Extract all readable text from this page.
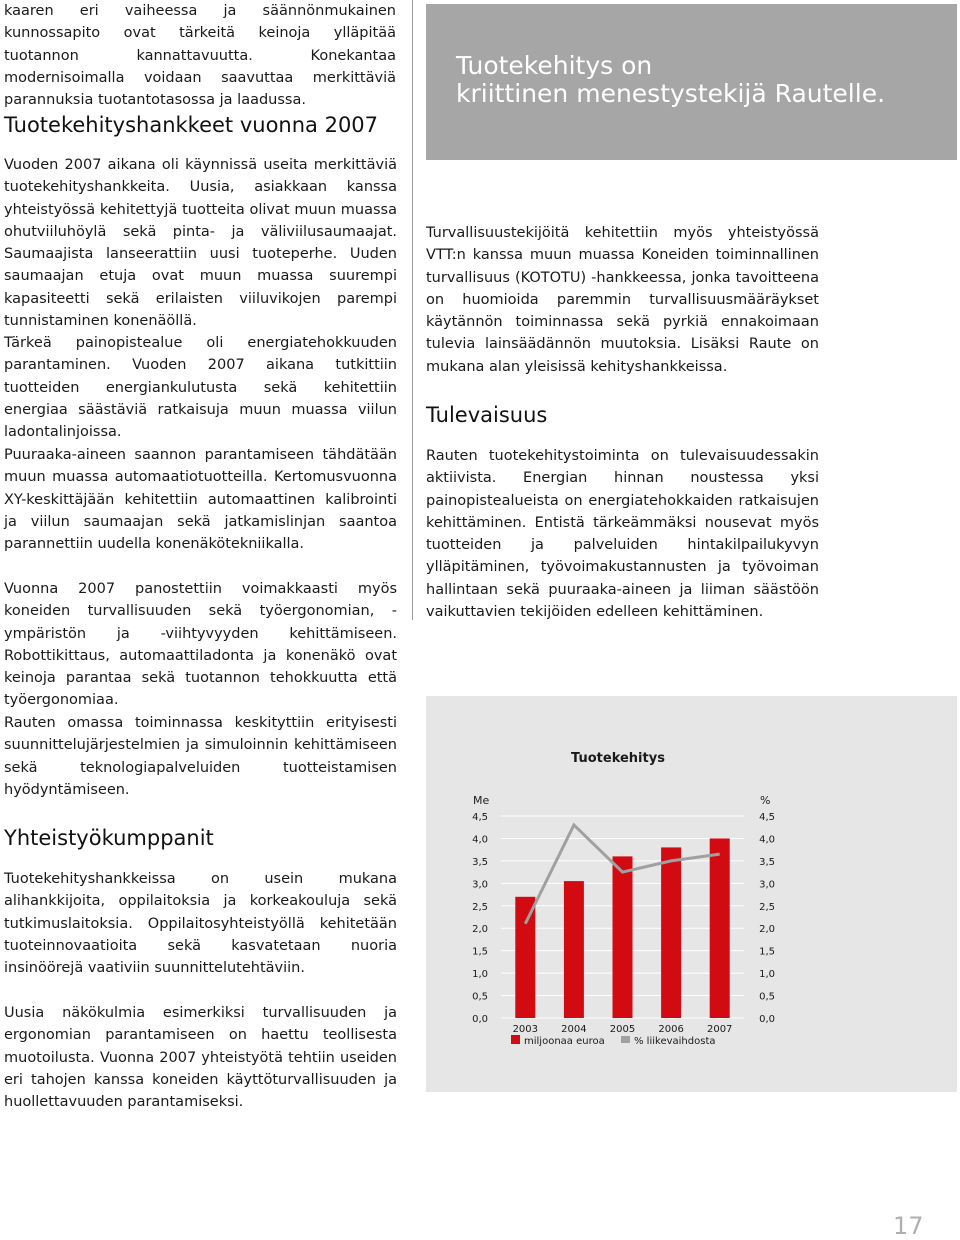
kaaren eri vaiheessa ja säännönmukainen kunnossapito ovat tärkeitä keinoja ylläpitää tuotannon kannattavuutta. Konekantaa modernisoimalla voidaan saavuttaa merkittäviä parannuksia tuotantotasossa ja laadussa.

Tuotekehityshankkeet vuonna 2007

Vuoden 2007 aikana oli käynnissä useita merkittäviä tuotekehityshankkeita. Uusia, asiakkaan kanssa yhteistyössä kehitettyjä tuotteita olivat muun muassa ohutviiluhöylä sekä pinta- ja väliviilusaumaajat. Saumaajista lanseerattiin uusi tuoteperhe. Uuden saumaajan etuja ovat muun muassa suurempi kapasiteetti sekä erilaisten viiluvikojen parempi tunnistaminen konenäöllä.

Tärkeä painopistealue oli energiatehokkuuden parantaminen. Vuoden 2007 aikana tutkittiin tuotteiden energiankulutusta sekä kehitettiin energiaa säästäviä ratkaisuja muun muassa viilun ladontalinjoissa.

Puuraaka-aineen saannon parantamiseen tähdätään muun muassa automaatiotuotteilla. Kertomusvuonna XY-keskittäjään kehitettiin automaattinen kalibrointi ja viilun saumaajan sekä jatkamislinjan saantoa parannettiin uudella konenäkötekniikalla.

Vuonna 2007 panostettiin voimakkaasti myös koneiden turvallisuuden sekä työergonomian, -ympäristön ja -viihtyvyyden kehittämiseen. Robottikittaus, automaattiladonta ja konenäkö ovat keinoja parantaa sekä tuotannon tehokkuutta että työergonomiaa.

Rauten omassa toiminnassa keskityttiin erityisesti suunnittelujärjestelmien ja simuloinnin kehittämiseen sekä teknologiapalveluiden tuotteistamisen hyödyntämiseen.

Yhteistyökumppanit

Tuotekehityshankkeissa on usein mukana alihankkijoita, oppilaitoksia ja korkeakouluja sekä tutkimuslaitoksia. Oppilaitosyhteistyöllä kehitetään tuoteinnovaatioita sekä kasvatetaan nuoria insinöörejä vaativiin suunnittelutehtäviin.

Uusia näkökulmia esimerkiksi turvallisuuden ja ergonomian parantamiseen on haettu teollisesta muotoilusta. Vuonna 2007 yhteistyötä tehtiin useiden eri tahojen kanssa koneiden käyttöturvallisuuden ja huollettavuuden parantamiseksi.

Tuotekehitys on
kriittinen menestystekijä Rautelle.

Turvallisuustekijöitä kehitettiin myös yhteistyössä VTT:n kanssa muun muassa Koneiden toiminnallinen turvallisuus (KOTOTU) -hankkeessa, jonka tavoitteena on huomioida paremmin turvallisuusmääräykset käytännön toiminnassa sekä pyrkiä ennakoimaan tulevia lainsäädännön muutoksia. Lisäksi Raute on mukana alan yleisissä kehityshankkeissa.

Tulevaisuus

Rauten tuotekehitystoiminta on tulevaisuudessakin aktiivista. Energian hinnan noustessa yksi painopistealueista on energiatehokkaiden ratkaisujen kehittäminen. Entistä tärkeämmäksi nousevat myös tuotteiden ja palveluiden hintakilpailukyvyn ylläpitäminen, työvoimakustannusten ja työvoiman hallintaan sekä puuraaka-aineen ja liiman säästöön vaikuttavien tekijöiden edelleen kehittäminen.

Tuotekehitys
Me	%
4,5	4,5
4,0	4,0
3,5	3,5
3,0	3,0
2,5	2,5
2,0	2,0
1,5	1,5
1,0	1,0
0,5	0,5
0,0	0,0
2003 2004 2005 2006 2007
miljoonaa euroa	% liikevaihdosta
17
